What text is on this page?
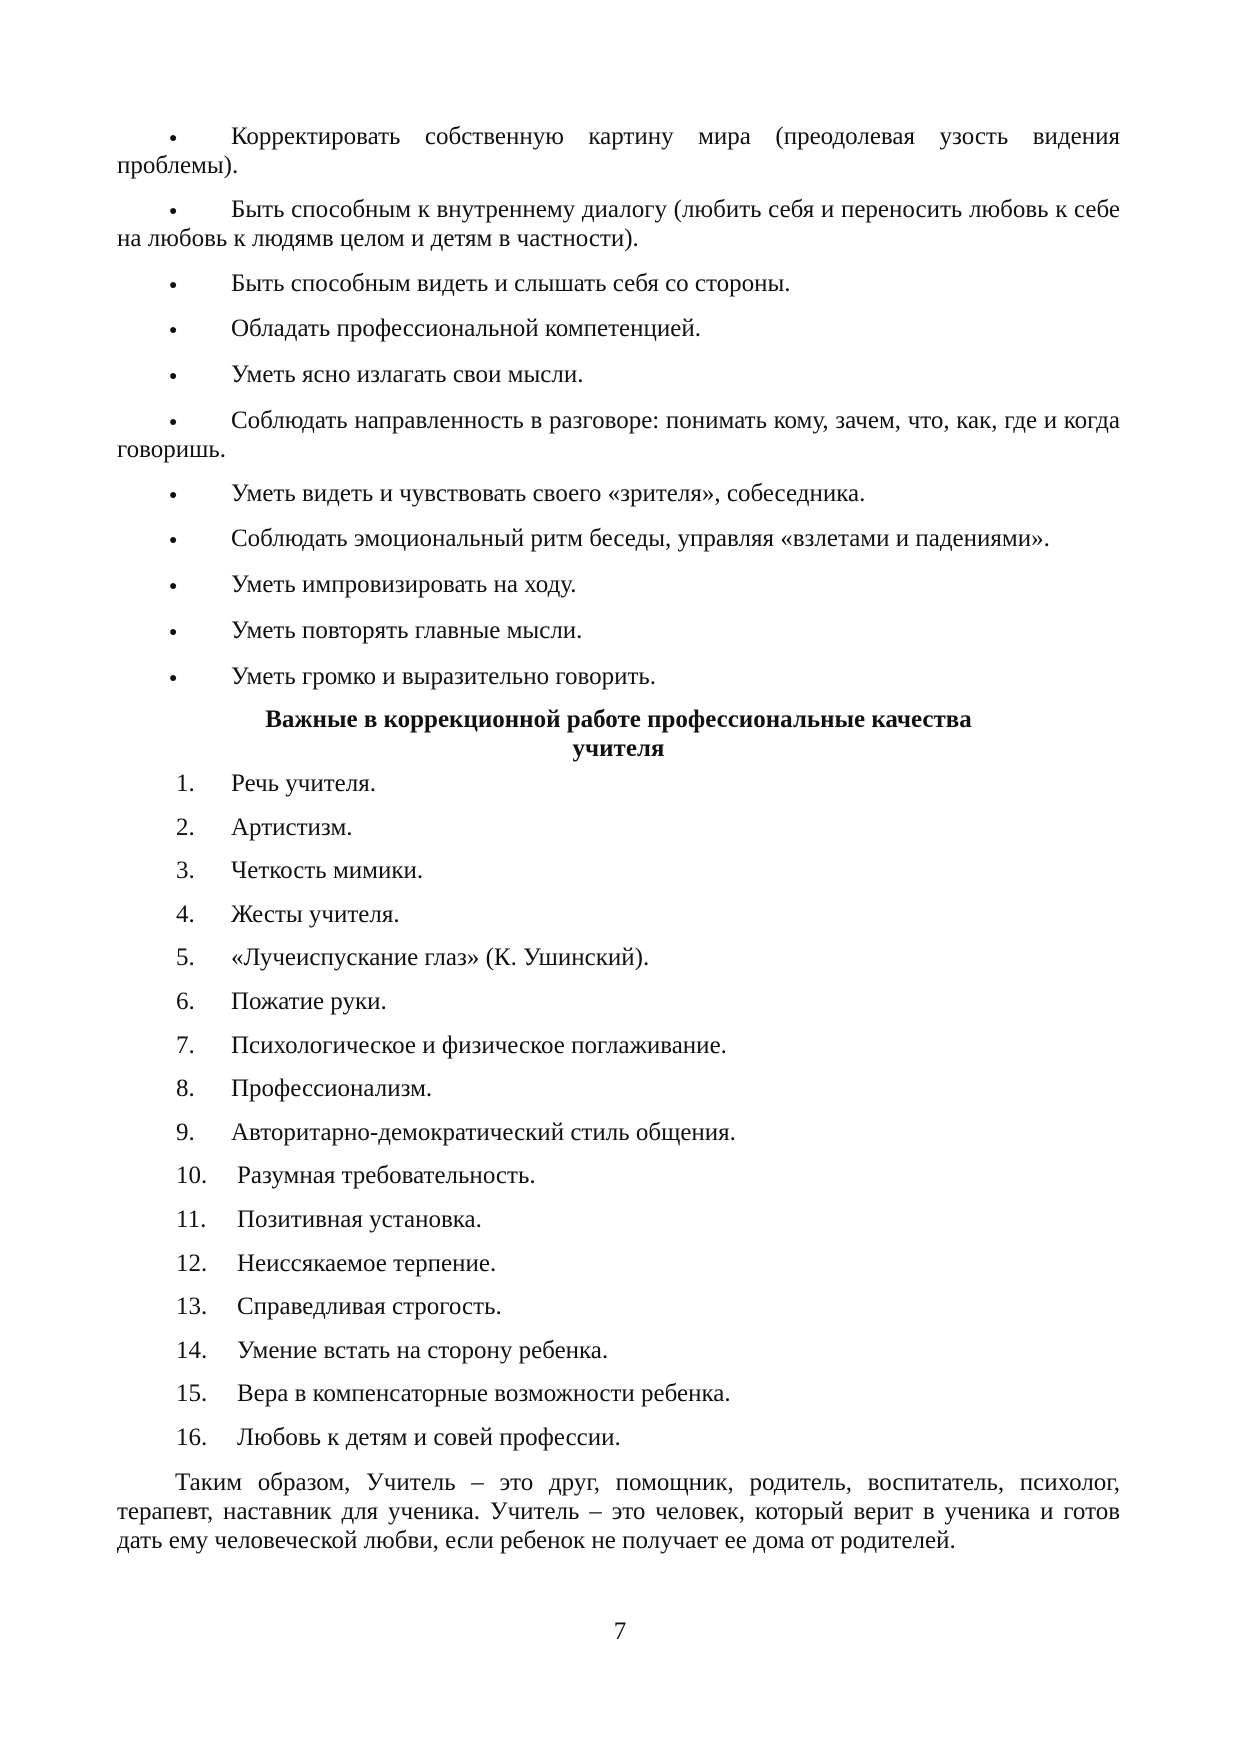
● Корректировать собственную картину мира (преодолевая узость видения проблемы).
● Быть способным к внутреннему диалогу (любить себя и переносить любовь к себе на любовь к людямв целом и детям в частности).
● Быть способным видеть и слышать себя со стороны.
● Обладать профессиональной компетенцией.
● Уметь ясно излагать свои мысли.
● Соблюдать направленность в разговоре: понимать кому, зачем, что, как, где и когда говоришь.
● Уметь видеть и чувствовать своего «зрителя», собеседника.
● Соблюдать эмоциональный ритм беседы, управляя «взлетами и падениями».
● Уметь импровизировать на ходу.
● Уметь повторять главные мысли.
● Уметь громко и выразительно говорить.
Важные в коррекционной работе профессиональные качества
учителя
1. Речь учителя.
2. Артистизм.
3. Четкость мимики.
4. Жесты учителя.
5. «Лучеиспускание глаз» (К. Ушинский).
6. Пожатие руки.
7. Психологическое и физическое поглаживание.
8. Профессионализм.
9. Авторитарно-демократический стиль общения.
10. Разумная требовательность.
11. Позитивная установка.
12. Неиссякаемое терпение.
13. Справедливая строгость.
14. Умение встать на сторону ребенка.
15. Вера в компенсаторные возможности ребенка.
16. Любовь к детям и совей профессии.
Таким образом, Учитель – это друг, помощник, родитель, воспитатель, психолог, терапевт, наставник для ученика. Учитель – это человек, который верит в ученика и готов дать ему человеческой любви, если ребенок не получает ее дома от родителей.
7
